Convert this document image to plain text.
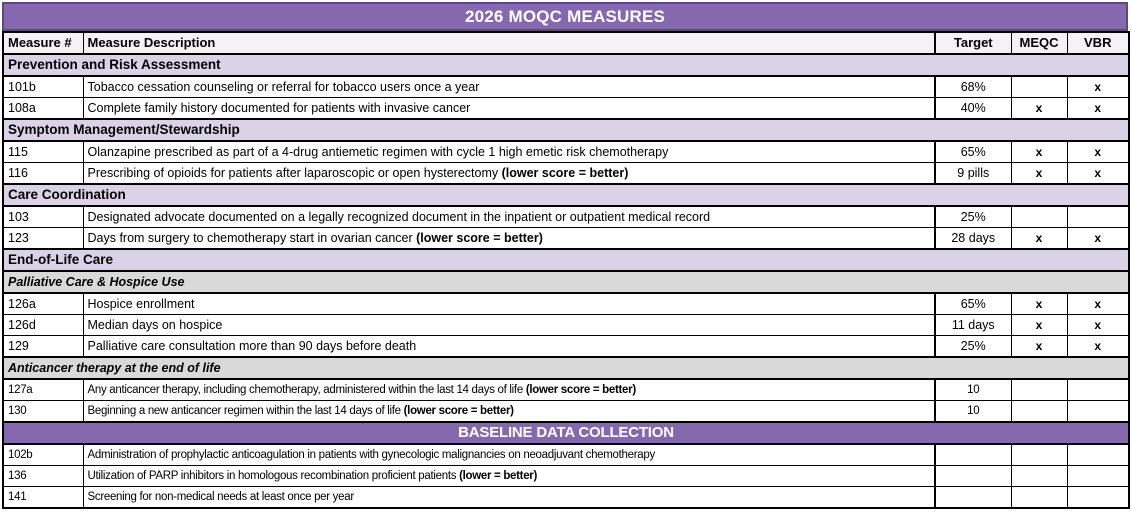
2026 MOQC MEASURES
Measure #	Measure Description	Target	MEQC	VBR
Prevention and Risk Assessment				
101b	Tobacco cessation counseling or referral for tobacco users once a year	68%		x
108a	Complete family history documented for patients with invasive cancer	40%	x	x
Symptom Management/Stewardship				
115	Olanzapine prescribed as part of a 4-drug antiemetic regimen with cycle 1 high emetic risk chemotherapy	65%	x	x
116	Prescribing of opioids for patients after laparoscopic or open hysterectomy (lower score = better)	9 pills	x	x
Care Coordination				
103	Designated advocate documented on a legally recognized document in the inpatient or outpatient medical record	25%		
123	Days from surgery to chemotherapy start in ovarian cancer (lower score = better)	28 days	x	x
End-of-Life Care				
Palliative Care & Hospice Use				
126a	Hospice enrollment	65%	x	x
126d	Median days on hospice	11 days	x	x
129	Palliative care consultation more than 90 days before death	25%	x	x
Anticancer therapy at the end of life				
127a	Any anticancer therapy, including chemotherapy, administered within the last 14 days of life (lower score = better)	10		
130	Beginning a new anticancer regimen within the last 14 days of life (lower score = better)	10		
BASELINE DATA COLLECTION				
102b	Administration of prophylactic anticoagulation in patients with gynecologic malignancies on neoadjuvant chemotherapy			
136	Utilization of PARP inhibitors in homologous recombination proficient patients (lower = better)			
141	Screening for non-medical needs at least once per year			
